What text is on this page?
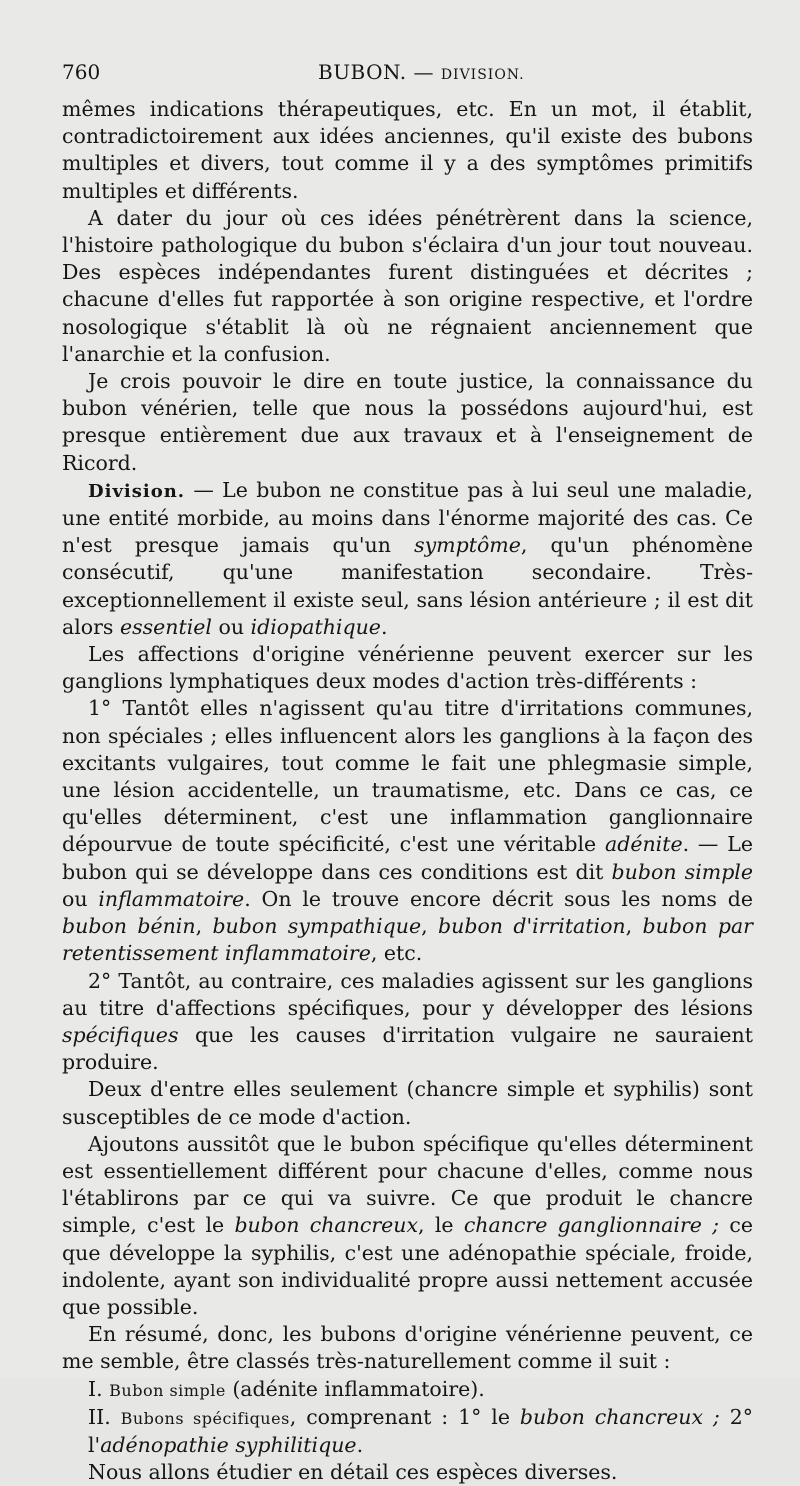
760	BUBON. — DIVISION.

mêmes indications thérapeutiques, etc. En un mot, il établit, contradictoirement aux idées anciennes, qu'il existe des bubons multiples et divers, tout comme il y a des symptômes primitifs multiples et différents.

A dater du jour où ces idées pénétrèrent dans la science, l'histoire pathologique du bubon s'éclaira d'un jour tout nouveau. Des espèces indépendantes furent distinguées et décrites ; chacune d'elles fut rapportée à son origine respective, et l'ordre nosologique s'établit là où ne régnaient anciennement que l'anarchie et la confusion.

Je crois pouvoir le dire en toute justice, la connaissance du bubon vénérien, telle que nous la possédons aujourd'hui, est presque entièrement due aux travaux et à l'enseignement de Ricord.

Division. — Le bubon ne constitue pas à lui seul une maladie, une entité morbide, au moins dans l'énorme majorité des cas. Ce n'est presque jamais qu'un symptôme, qu'un phénomène consécutif, qu'une manifestation secondaire. Très-exceptionnellement il existe seul, sans lésion antérieure ; il est dit alors essentiel ou idiopathique.

Les affections d'origine vénérienne peuvent exercer sur les ganglions lymphatiques deux modes d'action très-différents :

1° Tantôt elles n'agissent qu'au titre d'irritations communes, non spéciales ; elles influencent alors les ganglions à la façon des excitants vulgaires, tout comme le fait une phlegmasie simple, une lésion accidentelle, un traumatisme, etc. Dans ce cas, ce qu'elles déterminent, c'est une inflammation ganglionnaire dépourvue de toute spécificité, c'est une véritable adénite. — Le bubon qui se développe dans ces conditions est dit bubon simple ou inflammatoire. On le trouve encore décrit sous les noms de bubon bénin, bubon sympathique, bubon d'irritation, bubon par retentissement inflammatoire, etc.

2° Tantôt, au contraire, ces maladies agissent sur les ganglions au titre d'affections spécifiques, pour y développer des lésions spécifiques que les causes d'irritation vulgaire ne sauraient produire.

Deux d'entre elles seulement (chancre simple et syphilis) sont susceptibles de ce mode d'action.

Ajoutons aussitôt que le bubon spécifique qu'elles déterminent est essentiellement différent pour chacune d'elles, comme nous l'établirons par ce qui va suivre. Ce que produit le chancre simple, c'est le bubon chancreux, le chancre ganglionnaire ; ce que développe la syphilis, c'est une adénopathie spéciale, froide, indolente, ayant son individualité propre aussi nettement accusée que possible.

En résumé, donc, les bubons d'origine vénérienne peuvent, ce me semble, être classés très-naturellement comme il suit :

I. Bubon simple (adénite inflammatoire).
II. Bubons spécifiques, comprenant : 1° le bubon chancreux ; 2° l'adénopathie syphilitique.

Nous allons étudier en détail ces espèces diverses.
